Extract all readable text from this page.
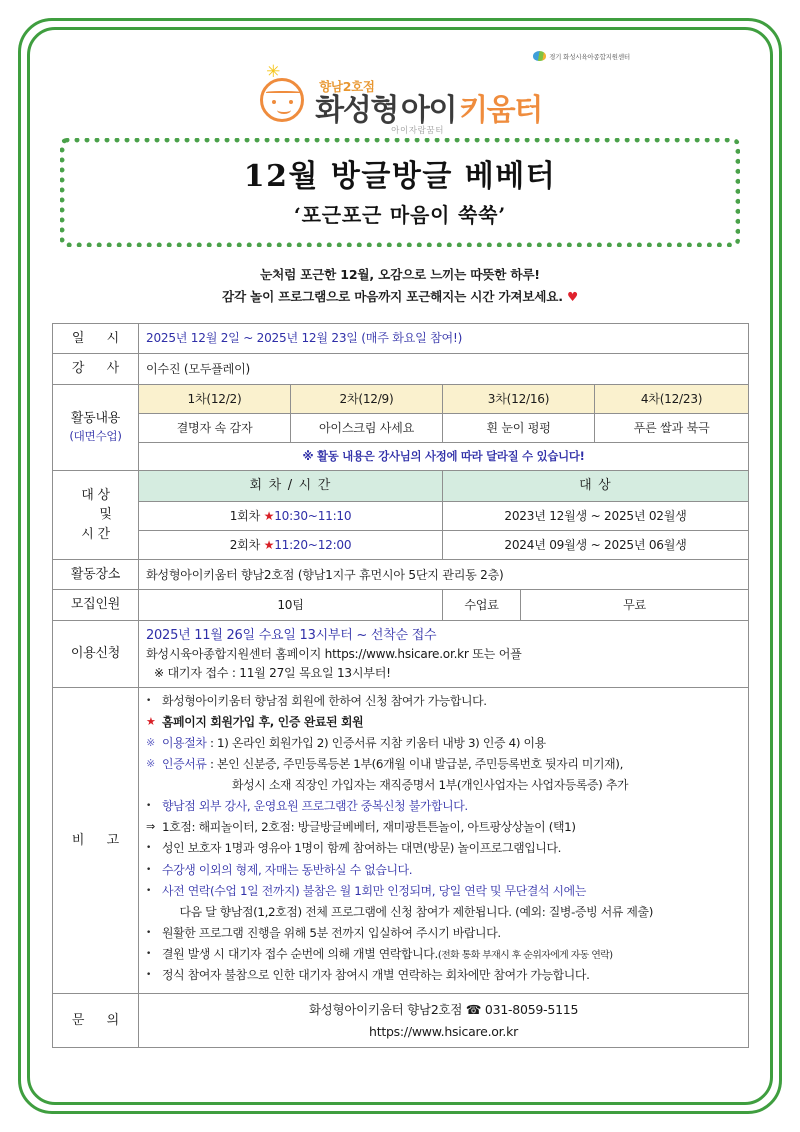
경기 화성시육아종합지원센터
✳
향남2호점
화성형 아이 키움터
아이자람꿈터
12월 방글방글 베베터
‘포근포근 마음이 쑥쑥’
눈처럼 포근한 12월, 오감으로 느끼는 따뜻한 하루!
감각 놀이 프로그램으로 마음까지 포근해지는 시간 가져보세요. ♥
일 시	2025년 12월 2일 ~ 2025년 12월 23일 (매주 화요일 참여!)				
강 사	이수진 (모두플레이)				

활동내용
(대면수업)	1차(12/2)	2차(12/9)	3차(12/16)		4차(12/23)
	결명자 속 감자	아이스크림 사세요	흰 눈이 펑펑		푸른 쌀과 북극
	※ 활동 내용은 강사님의 사정에 따라 달라질 수 있습니다!				

대 상
및
시 간	회 차 / 시 간		대 상		
	1회차 ★10:30~11:10		2023년 12월생 ~ 2025년 02월생		
	2회차 ★11:20~12:00		2024년 09월생 ~ 2025년 06월생		
활동장소	화성형아이키움터 향남2호점 (향남1지구 휴먼시아 5단지 관리동 2층)				
모집인원	10팀		수업료	무료	
이용신청	2025년 11월 26일 수요일 13시부터 ~ 선착순 접수
화성시육아종합지원센터 홈페이지 https://www.hsicare.or.kr 또는 어플
※ 대기자 접수 : 11월 27일 목요일 13시부터!				

비 고	
• 화성형아이키움터 향남점 회원에 한하여 신청 참여가 가능합니다.
★ 홈페이지 회원가입 후, 인증 완료된 회원
※ 이용절차 : 1) 온라인 회원가입 2) 인증서류 지참 키움터 내방 3) 인증 4) 이용
※ 인증서류 : 본인 신분증, 주민등록등본 1부(6개월 이내 발급분, 주민등록번호 뒷자리 미기재),
화성시 소재 직장인 가입자는 재직증명서 1부(개인사업자는 사업자등록증) 추가
• 향남점 외부 강사, 운영요원 프로그램간 중복신청 불가합니다.
⇒ 1호점: 해피놀이터, 2호점: 방글방글베베터, 재미팡튼튼놀이, 아트팡상상놀이 (택1)
• 성인 보호자 1명과 영유아 1명이 함께 참여하는 대면(방문) 놀이프로그램입니다.
• 수강생 이외의 형제, 자매는 동반하실 수 없습니다.
• 사전 연락(수업 1일 전까지) 불참은 월 1회만 인정되며, 당일 연락 및 무단결석 시에는
다음 달 향남점(1,2호점) 전체 프로그램에 신청 참여가 제한됩니다. (예외: 질병-증빙 서류 제출)
• 원활한 프로그램 진행을 위해 5분 전까지 입실하여 주시기 바랍니다.
• 결원 발생 시 대기자 접수 순번에 의해 개별 연락합니다.(전화 통화 부재시 후 순위자에게 자동 연락)
• 정식 참여자 불참으로 인한 대기자 참여시 개별 연락하는 회차에만 참여가 가능합니다.

문 의	화성형아이키움터 향남2호점 ☎ 031-8059-5115
https://www.hsicare.or.kr				
